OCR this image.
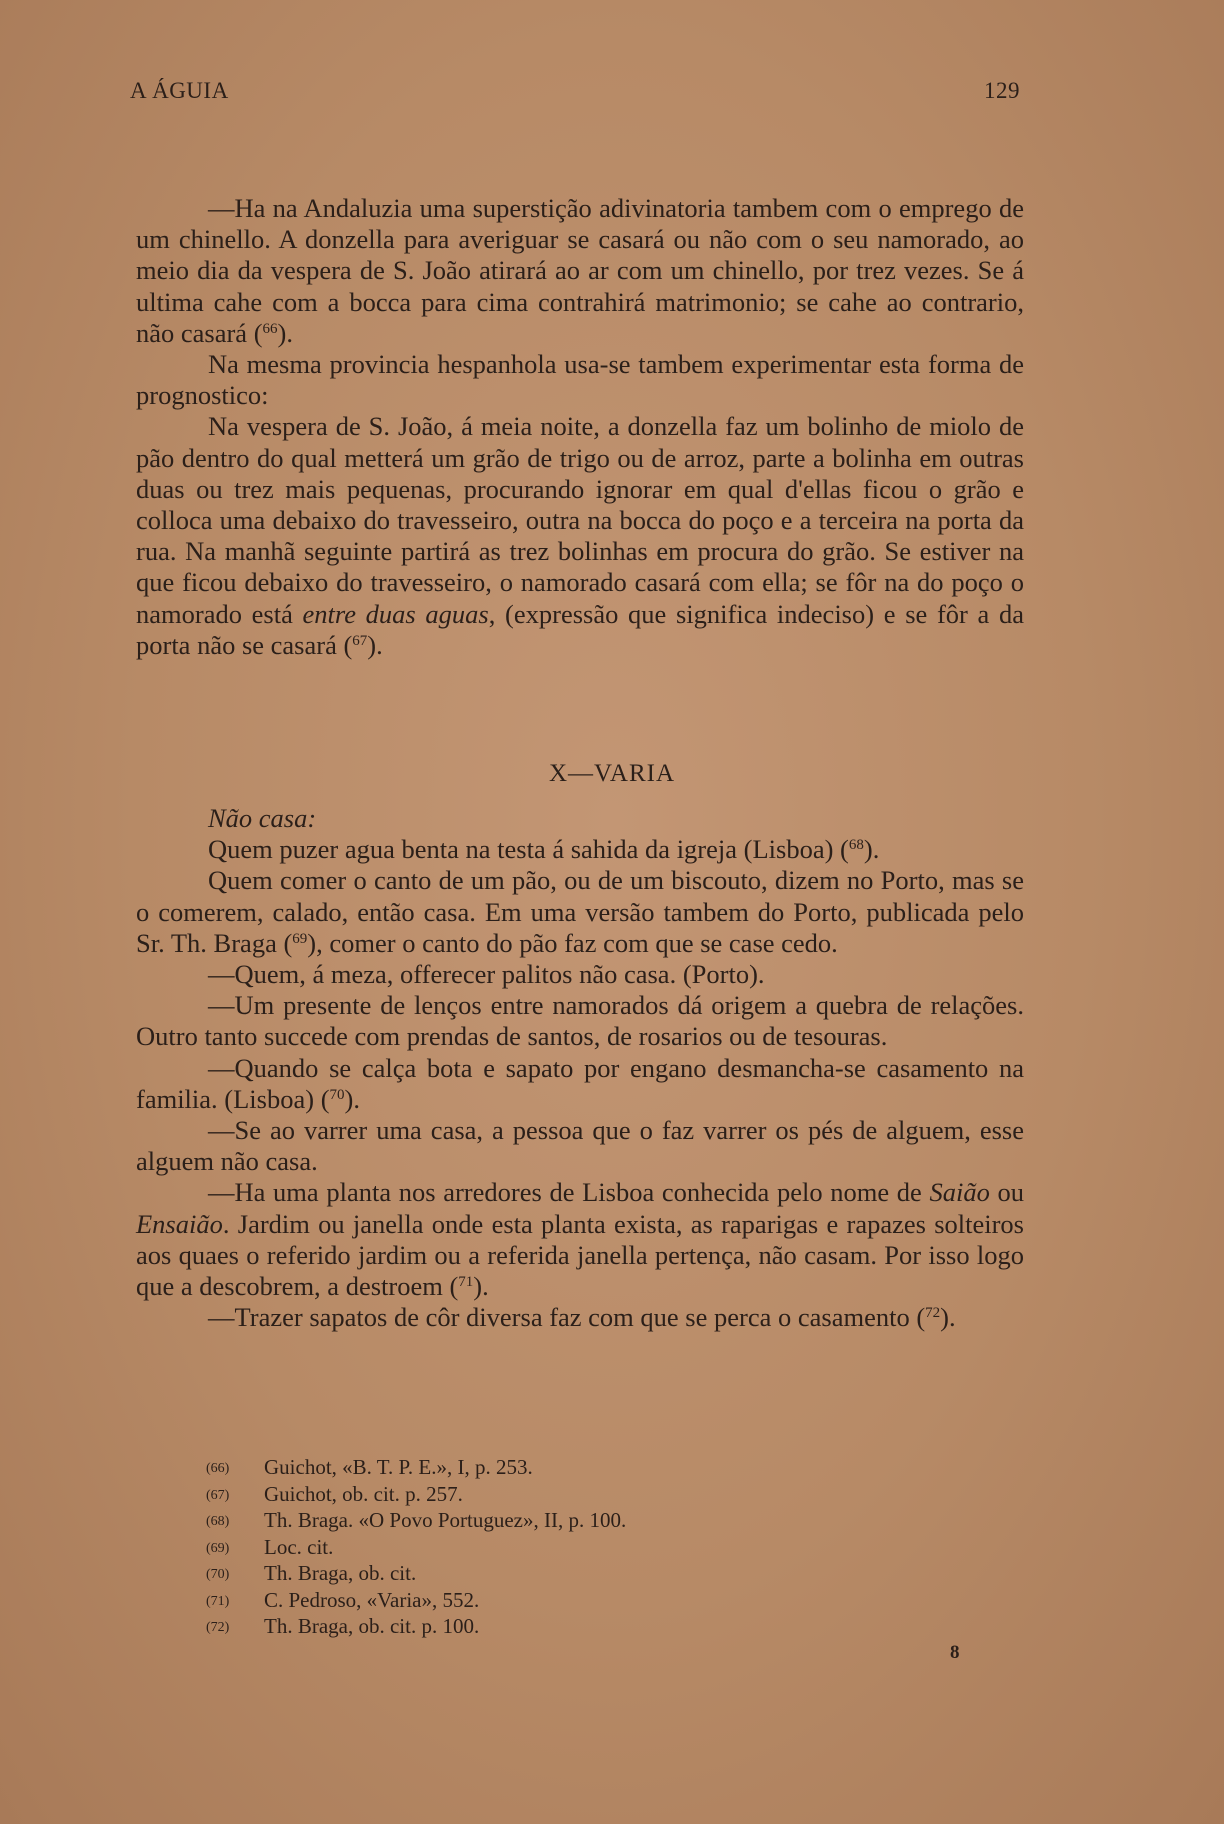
A ÁGUIA	129

—Ha na Andaluzia uma superstição adivinatoria tambem com o emprego de um chinello. A donzella para averiguar se casará ou não com o seu namorado, ao meio dia da vespera de S. João atirará ao ar com um chinello, por trez vezes. Se á ultima cahe com a bocca para cima contrahirá matrimonio; se cahe ao contrario, não casará ($^{66}$).

Na mesma provincia hespanhola usa-se tambem experimentar esta forma de prognostico:

Na vespera de S. João, á meia noite, a donzella faz um bolinho de miolo de pão dentro do qual metterá um grão de trigo ou de arroz, parte a bolinha em outras duas ou trez mais pequenas, procurando ignorar em qual d'ellas ficou o grão e colloca uma debaixo do travesseiro, outra na bocca do poço e a terceira na porta da rua. Na manhã seguinte partirá as trez bolinhas em procura do grão. Se estiver na que ficou debaixo do travesseiro, o namorado casará com ella; se fôr na do poço o namorado está entre duas aguas, (expressão que significa indeciso) e se fôr a da porta não se casará ($^{67}$).

X—VARIA

Não casa:

Quem puzer agua benta na testa á sahida da igreja (Lisboa) ($^{68}$).

Quem comer o canto de um pão, ou de um biscouto, dizem no Porto, mas se o comerem, calado, então casa. Em uma versão tambem do Porto, publicada pelo Sr. Th. Braga ($^{69}$), comer o canto do pão faz com que se case cedo.

—Quem, á meza, offerecer palitos não casa. (Porto).

—Um presente de lenços entre namorados dá origem a quebra de relações. Outro tanto succede com prendas de santos, de rosarios ou de tesouras.

—Quando se calça bota e sapato por engano desmancha-se casamento na familia. (Lisboa) ($^{70}$).

—Se ao varrer uma casa, a pessoa que o faz varrer os pés de alguem, esse alguem não casa.

—Ha uma planta nos arredores de Lisboa conhecida pelo nome de Saião ou Ensaião. Jardim ou janella onde esta planta exista, as raparigas e rapazes solteiros aos quaes o referido jardim ou a referida janella pertença, não casam. Por isso logo que a descobrem, a destroem ($^{71}$).

—Trazer sapatos de côr diversa faz com que se perca o casamento ($^{72}$).

(66)	Guichot, «B. T. P. E.», I, p. 253.
(67)	Guichot, ob. cit. p. 257.
(68)	Th. Braga. «O Povo Portuguez», II, p. 100.
(69)	Loc. cit.
(70)	Th. Braga, ob. cit.
(71)	C. Pedroso, «Varia», 552.
(72)	Th. Braga, ob. cit. p. 100.
8
